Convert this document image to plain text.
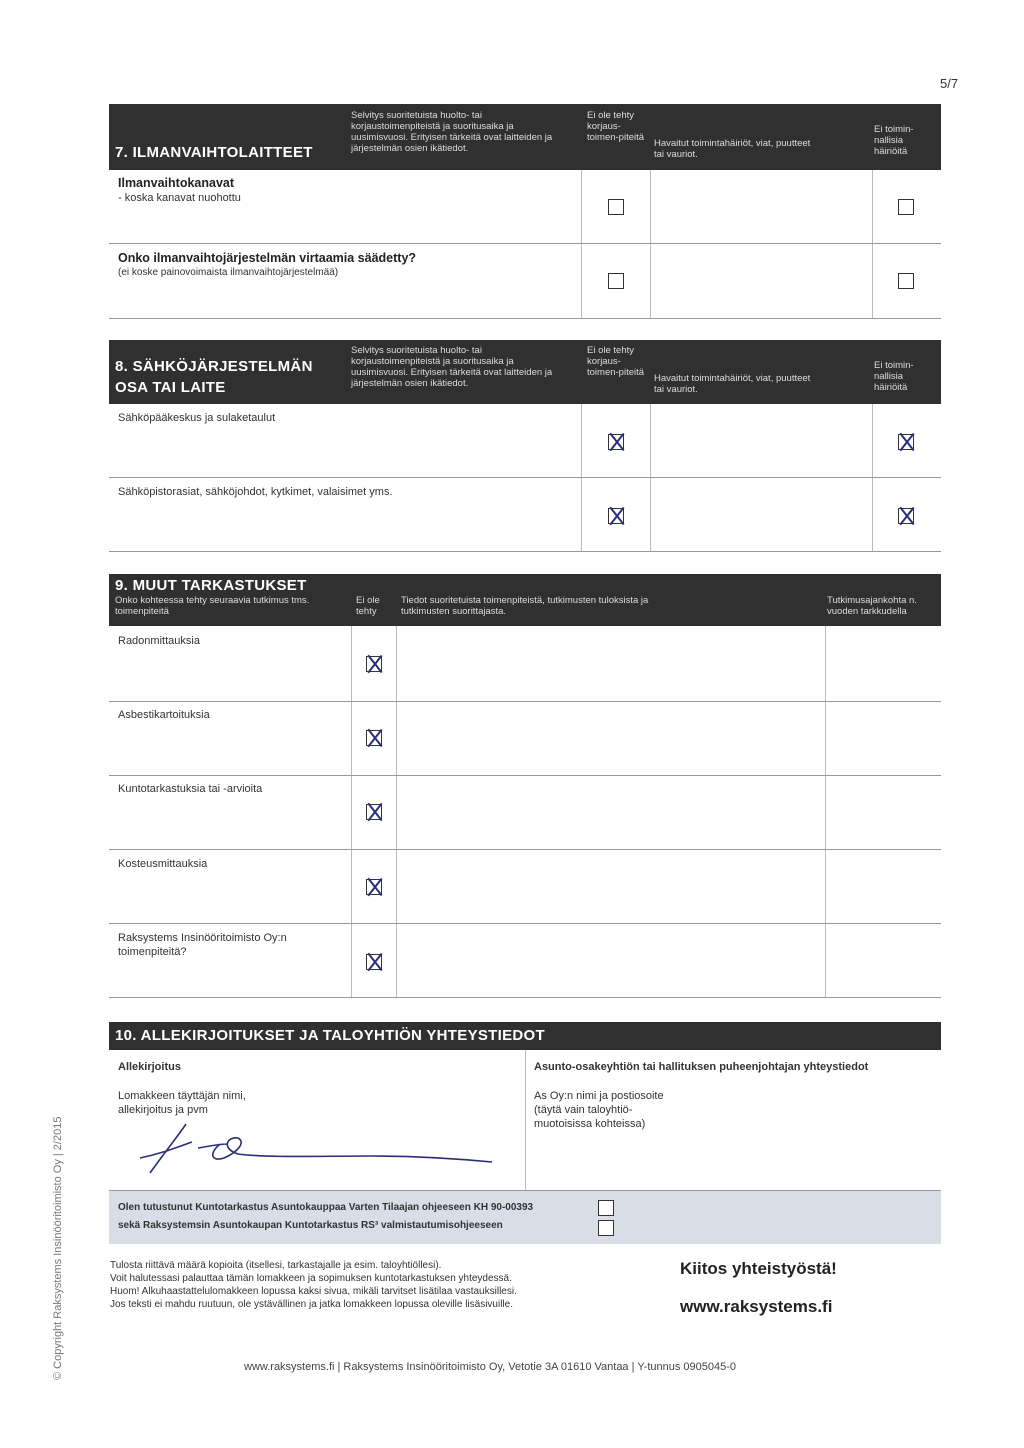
5/7
© Copyright Raksystems Insinööritoimisto Oy | 2/2015
7. ILMANVAIHTOLAITTEET
Selvitys suoritetuista huolto- tai korjaustoimenpiteistä ja suoritusaika ja uusimisvuosi. Erityisen tärkeitä ovat laitteiden ja järjestelmän osien ikätiedot.
Ei ole tehty korjaus-toimen-piteitä
Havaitut toimintahäiriöt, viat, puutteet tai vauriot.
Ei toimin-nallisia häiriöitä
Ilmanvaihtokanavat
- koska kanavat nuohottu
Onko ilmanvaihtojärjestelmän virtaamia säädetty?
(ei koske painovoimaista ilmanvaihtojärjestelmää)
8. SÄHKÖJÄRJESTELMÄN
OSA TAI LAITE
Selvitys suoritetuista huolto- tai korjaustoimenpiteistä ja suoritusaika ja uusimisvuosi. Erityisen tärkeitä ovat laitteiden ja järjestelmän osien ikätiedot.
Ei ole tehty korjaus-toimen-piteitä
Havaitut toimintahäiriöt, viat, puutteet tai vauriot.
Ei toimin-nallisia häiriöitä
Sähköpääkeskus ja sulaketaulut
Sähköpistorasiat, sähköjohdot, kytkimet, valaisimet yms.
9. MUUT TARKASTUKSET
Onko kohteessa tehty seuraavia tutkimus tms. toimenpiteitä
Ei ole tehty
Tiedot suoritetuista toimenpiteistä, tutkimusten tuloksista ja tutkimusten suorittajasta.
Tutkimusajankohta n. vuoden tarkkudella
Radonmittauksia
Asbestikartoituksia
Kuntotarkastuksia tai -arvioita
Kosteusmittauksia
Raksystems Insinööritoimisto Oy:n toimenpiteitä?
10. ALLEKIRJOITUKSET JA TALOYHTIÖN YHTEYSTIEDOT
Allekirjoitus
Lomakkeen täyttäjän nimi, allekirjoitus ja pvm
Asunto-osakeyhtiön tai hallituksen puheenjohtajan yhteystiedot
As Oy:n nimi ja postiosoite (täytä vain taloyhtiö-muotoisissa kohteissa)
Olen tutustunut Kuntotarkastus Asuntokauppaa Varten Tilaajan ohjeeseen KH 90-00393
sekä Raksystemsin Asuntokaupan Kuntotarkastus RS³ valmistautumisohjeeseen
Tulosta riittävä määrä kopioita (itsellesi, tarkastajalle ja esim. taloyhtiöllesi).
Voit halutessasi palauttaa tämän lomakkeen ja sopimuksen kuntotarkastuksen yhteydessä.
Huom! Alkuhaastattelulomakkeen lopussa kaksi sivua, mikäli tarvitset lisätilaa vastauksillesi.
Jos teksti ei mahdu ruutuun, ole ystävällinen ja jatka lomakkeen lopussa oleville lisäsivuille.
Kiitos yhteistyöstä!
www.raksystems.fi
www.raksystems.fi | Raksystems Insinööritoimisto Oy, Vetotie 3A 01610 Vantaa | Y-tunnus 0905045-0
